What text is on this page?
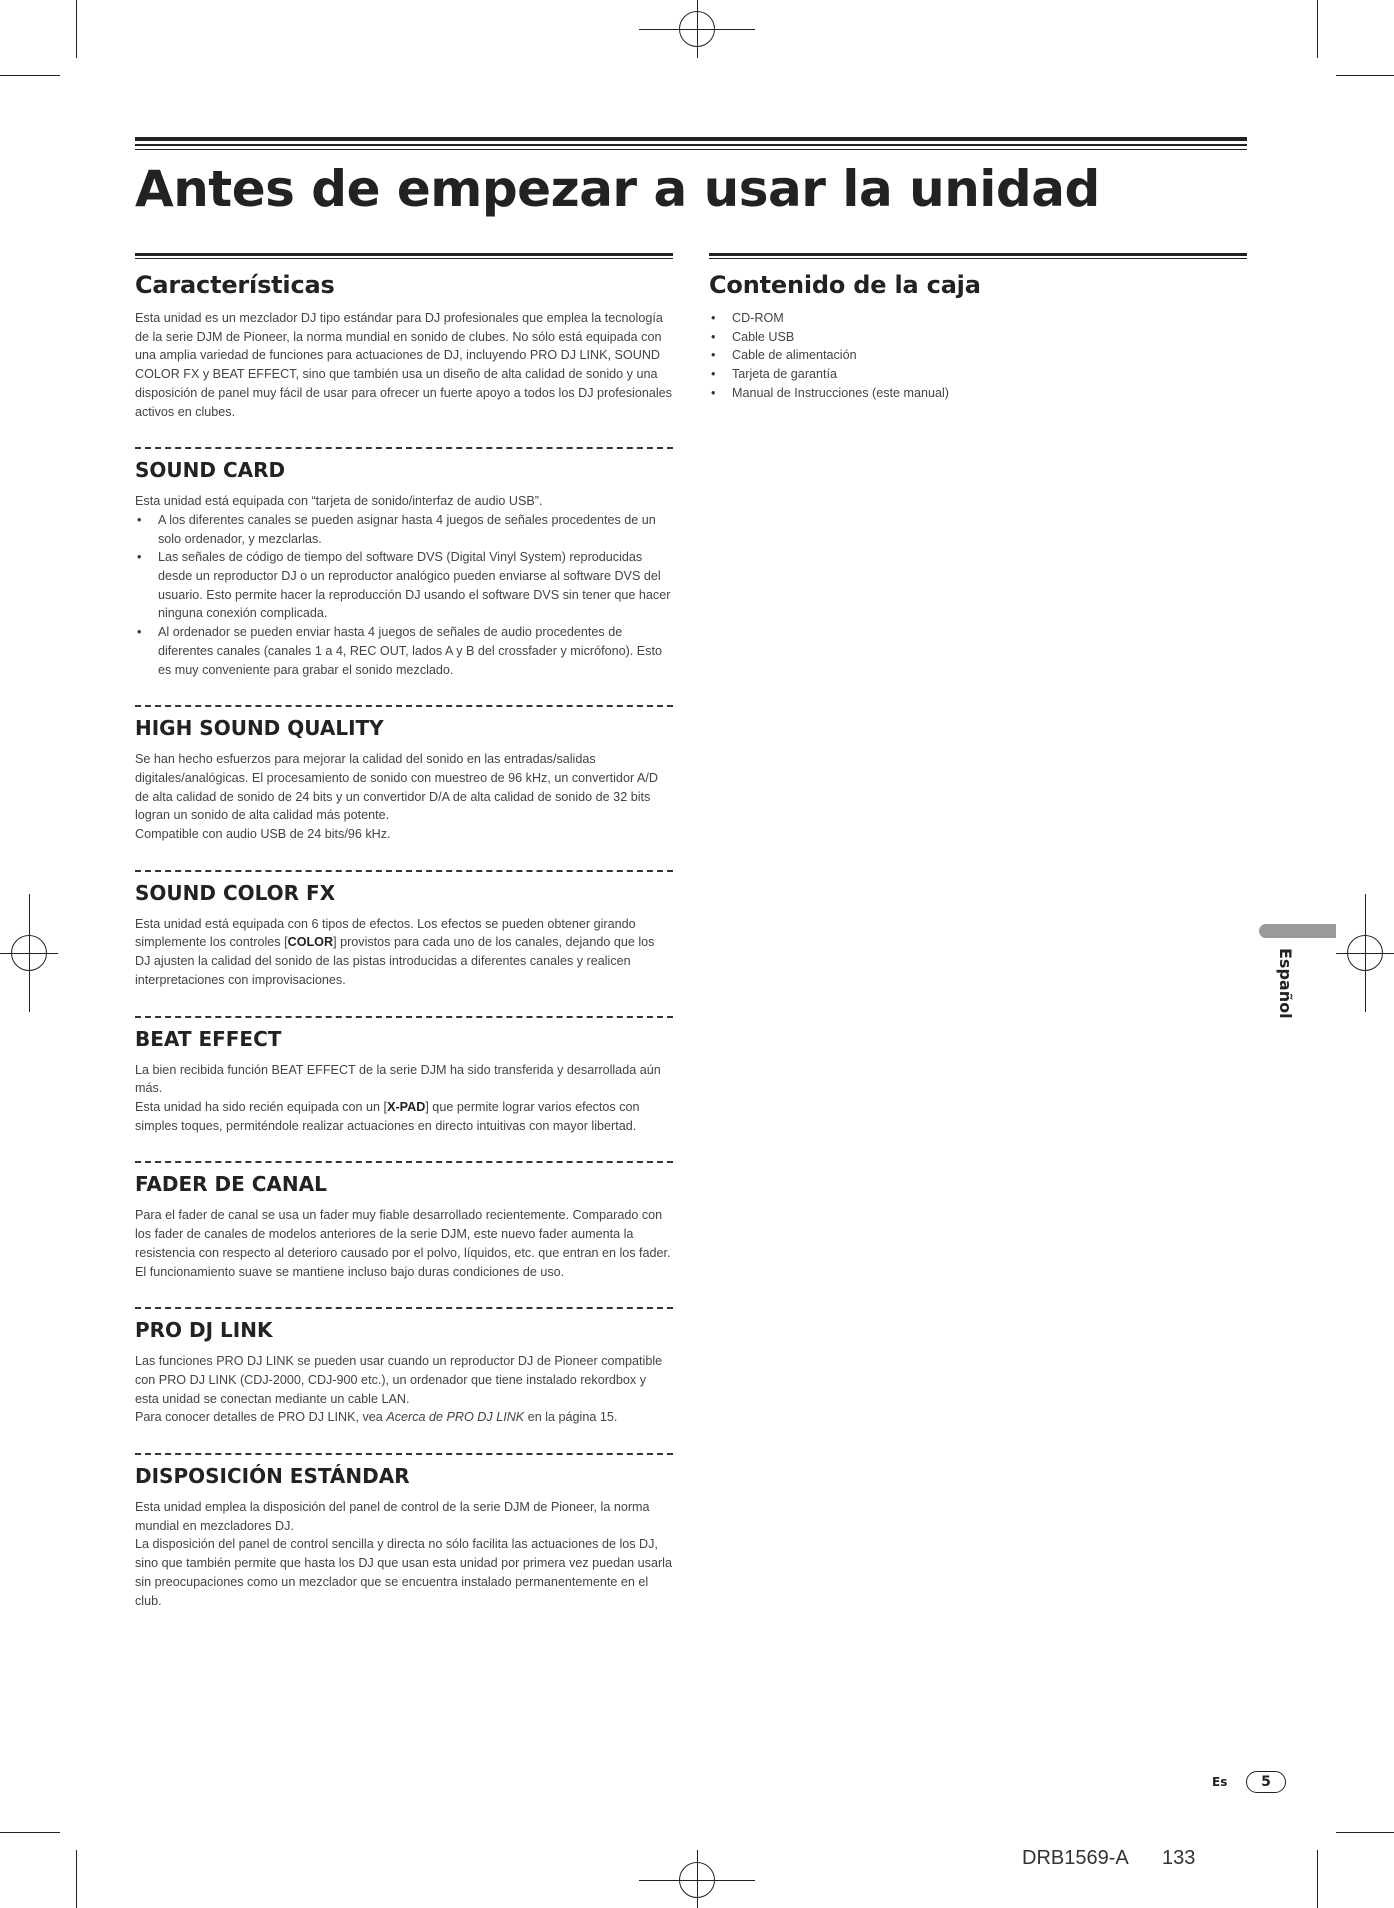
Antes de empezar a usar la unidad
Características

Esta unidad es un mezclador DJ tipo estándar para DJ profesionales que emplea la tecnología de la serie DJM de Pioneer, la norma mundial en sonido de clubes. No sólo está equipada con una amplia variedad de funciones para actuaciones de DJ, incluyendo PRO DJ LINK, SOUND COLOR FX y BEAT EFFECT, sino que también usa un diseño de alta calidad de sonido y una disposición de panel muy fácil de usar para ofrecer un fuerte apoyo a todos los DJ profesionales activos en clubes.

SOUND CARD

Esta unidad está equipada con “tarjeta de sonido/interfaz de audio USB”.

• A los diferentes canales se pueden asignar hasta 4 juegos de señales procedentes de un solo ordenador, y mezclarlas.
• Las señales de código de tiempo del software DVS (Digital Vinyl System) reproducidas desde un reproductor DJ o un reproductor analógico pueden enviarse al software DVS del usuario. Esto permite hacer la reproducción DJ usando el software DVS sin tener que hacer ninguna conexión complicada.
• Al ordenador se pueden enviar hasta 4 juegos de señales de audio procedentes de diferentes canales (canales 1 a 4, REC OUT, lados A y B del crossfader y micrófono). Esto es muy conveniente para grabar el sonido mezclado.
HIGH SOUND QUALITY

Se han hecho esfuerzos para mejorar la calidad del sonido en las entradas/salidas digitales/analógicas. El procesamiento de sonido con muestreo de 96 kHz, un convertidor A/D de alta calidad de sonido de 24 bits y un convertidor D/A de alta calidad de sonido de 32 bits logran un sonido de alta calidad más potente.

Compatible con audio USB de 24 bits/96 kHz.

SOUND COLOR FX

Esta unidad está equipada con 6 tipos de efectos. Los efectos se pueden obtener girando simplemente los controles [COLOR] provistos para cada uno de los canales, dejando que los DJ ajusten la calidad del sonido de las pistas introducidas a diferentes canales y realicen interpretaciones con improvisaciones.

BEAT EFFECT

La bien recibida función BEAT EFFECT de la serie DJM ha sido transferida y desarrollada aún más.

Esta unidad ha sido recién equipada con un [X-PAD] que permite lograr varios efectos con simples toques, permiténdole realizar actuaciones en directo intuitivas con mayor libertad.

FADER DE CANAL

Para el fader de canal se usa un fader muy fiable desarrollado recientemente. Comparado con los fader de canales de modelos anteriores de la serie DJM, este nuevo fader aumenta la resistencia con respecto al deterioro causado por el polvo, líquidos, etc. que entran en los fader. El funcionamiento suave se mantiene incluso bajo duras condiciones de uso.

PRO DJ LINK

Las funciones PRO DJ LINK se pueden usar cuando un reproductor DJ de Pioneer compatible con PRO DJ LINK (CDJ-2000, CDJ-900 etc.), un ordenador que tiene instalado rekordbox y esta unidad se conectan mediante un cable LAN.

Para conocer detalles de PRO DJ LINK, vea Acerca de PRO DJ LINK en la página 15.

DISPOSICIÓN ESTÁNDAR

Esta unidad emplea la disposición del panel de control de la serie DJM de Pioneer, la norma mundial en mezcladores DJ.

La disposición del panel de control sencilla y directa no sólo facilita las actuaciones de los DJ, sino que también permite que hasta los DJ que usan esta unidad por primera vez puedan usarla sin preocupaciones como un mezclador que se encuentra instalado permanentemente en el club.

Contenido de la caja
• CD-ROM
• Cable USB
• Cable de alimentación
• Tarjeta de garantía
• Manual de Instrucciones (este manual)
Español
Es	5
DRB1569-A 133
